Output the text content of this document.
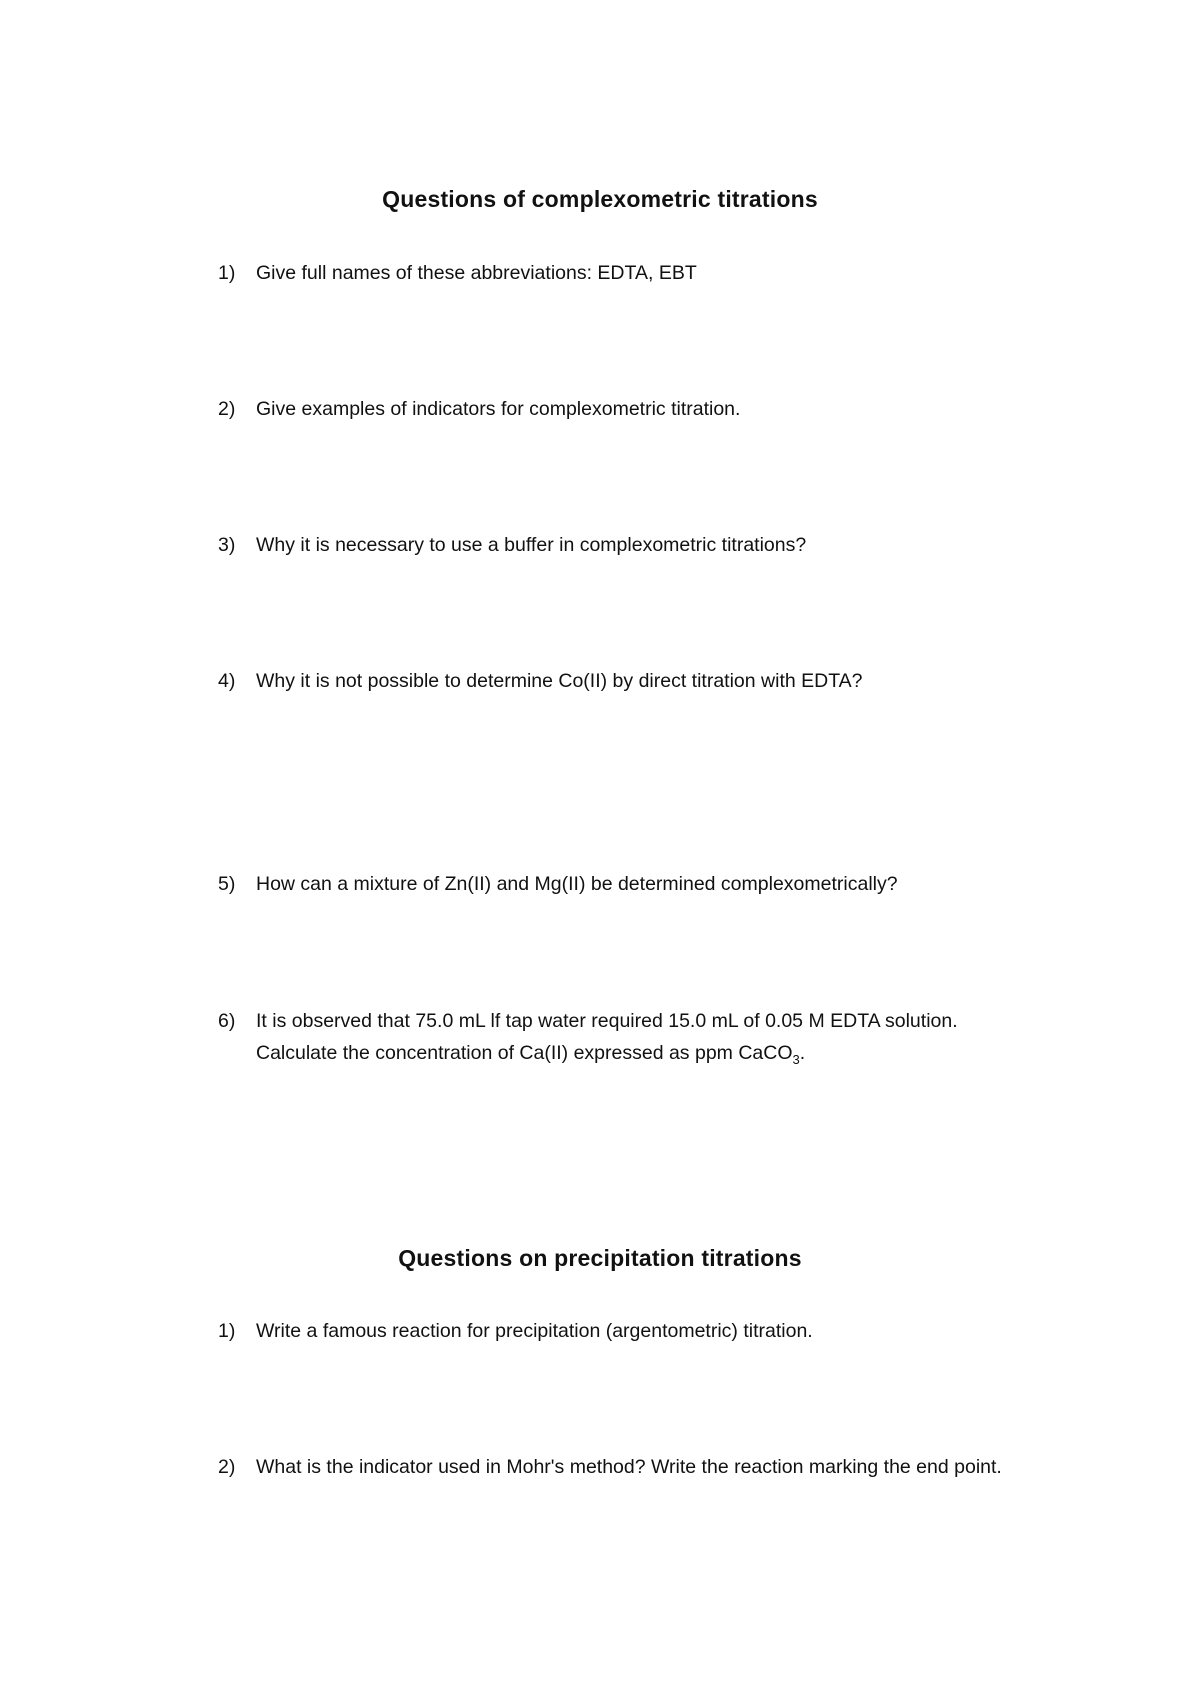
Questions of complexometric titrations
1)	Give full names of these abbreviations: EDTA, EBT
2)	Give examples of indicators for complexometric titration.
3)	Why it is necessary to use a buffer in complexometric titrations?
4)	Why it is not possible to determine Co(II) by direct titration with EDTA?
5)	How can a mixture of Zn(II) and Mg(II) be determined complexometrically?
6)	It is observed that 75.0 mL lf tap water required 15.0 mL of 0.05 M EDTA solution.
Calculate the concentration of Ca(II) expressed as ppm CaCO$_3$.
Questions on precipitation titrations
1)	Write a famous reaction for precipitation (argentometric) titration.
2)	What is the indicator used in Mohr's method? Write the reaction marking the end point.
